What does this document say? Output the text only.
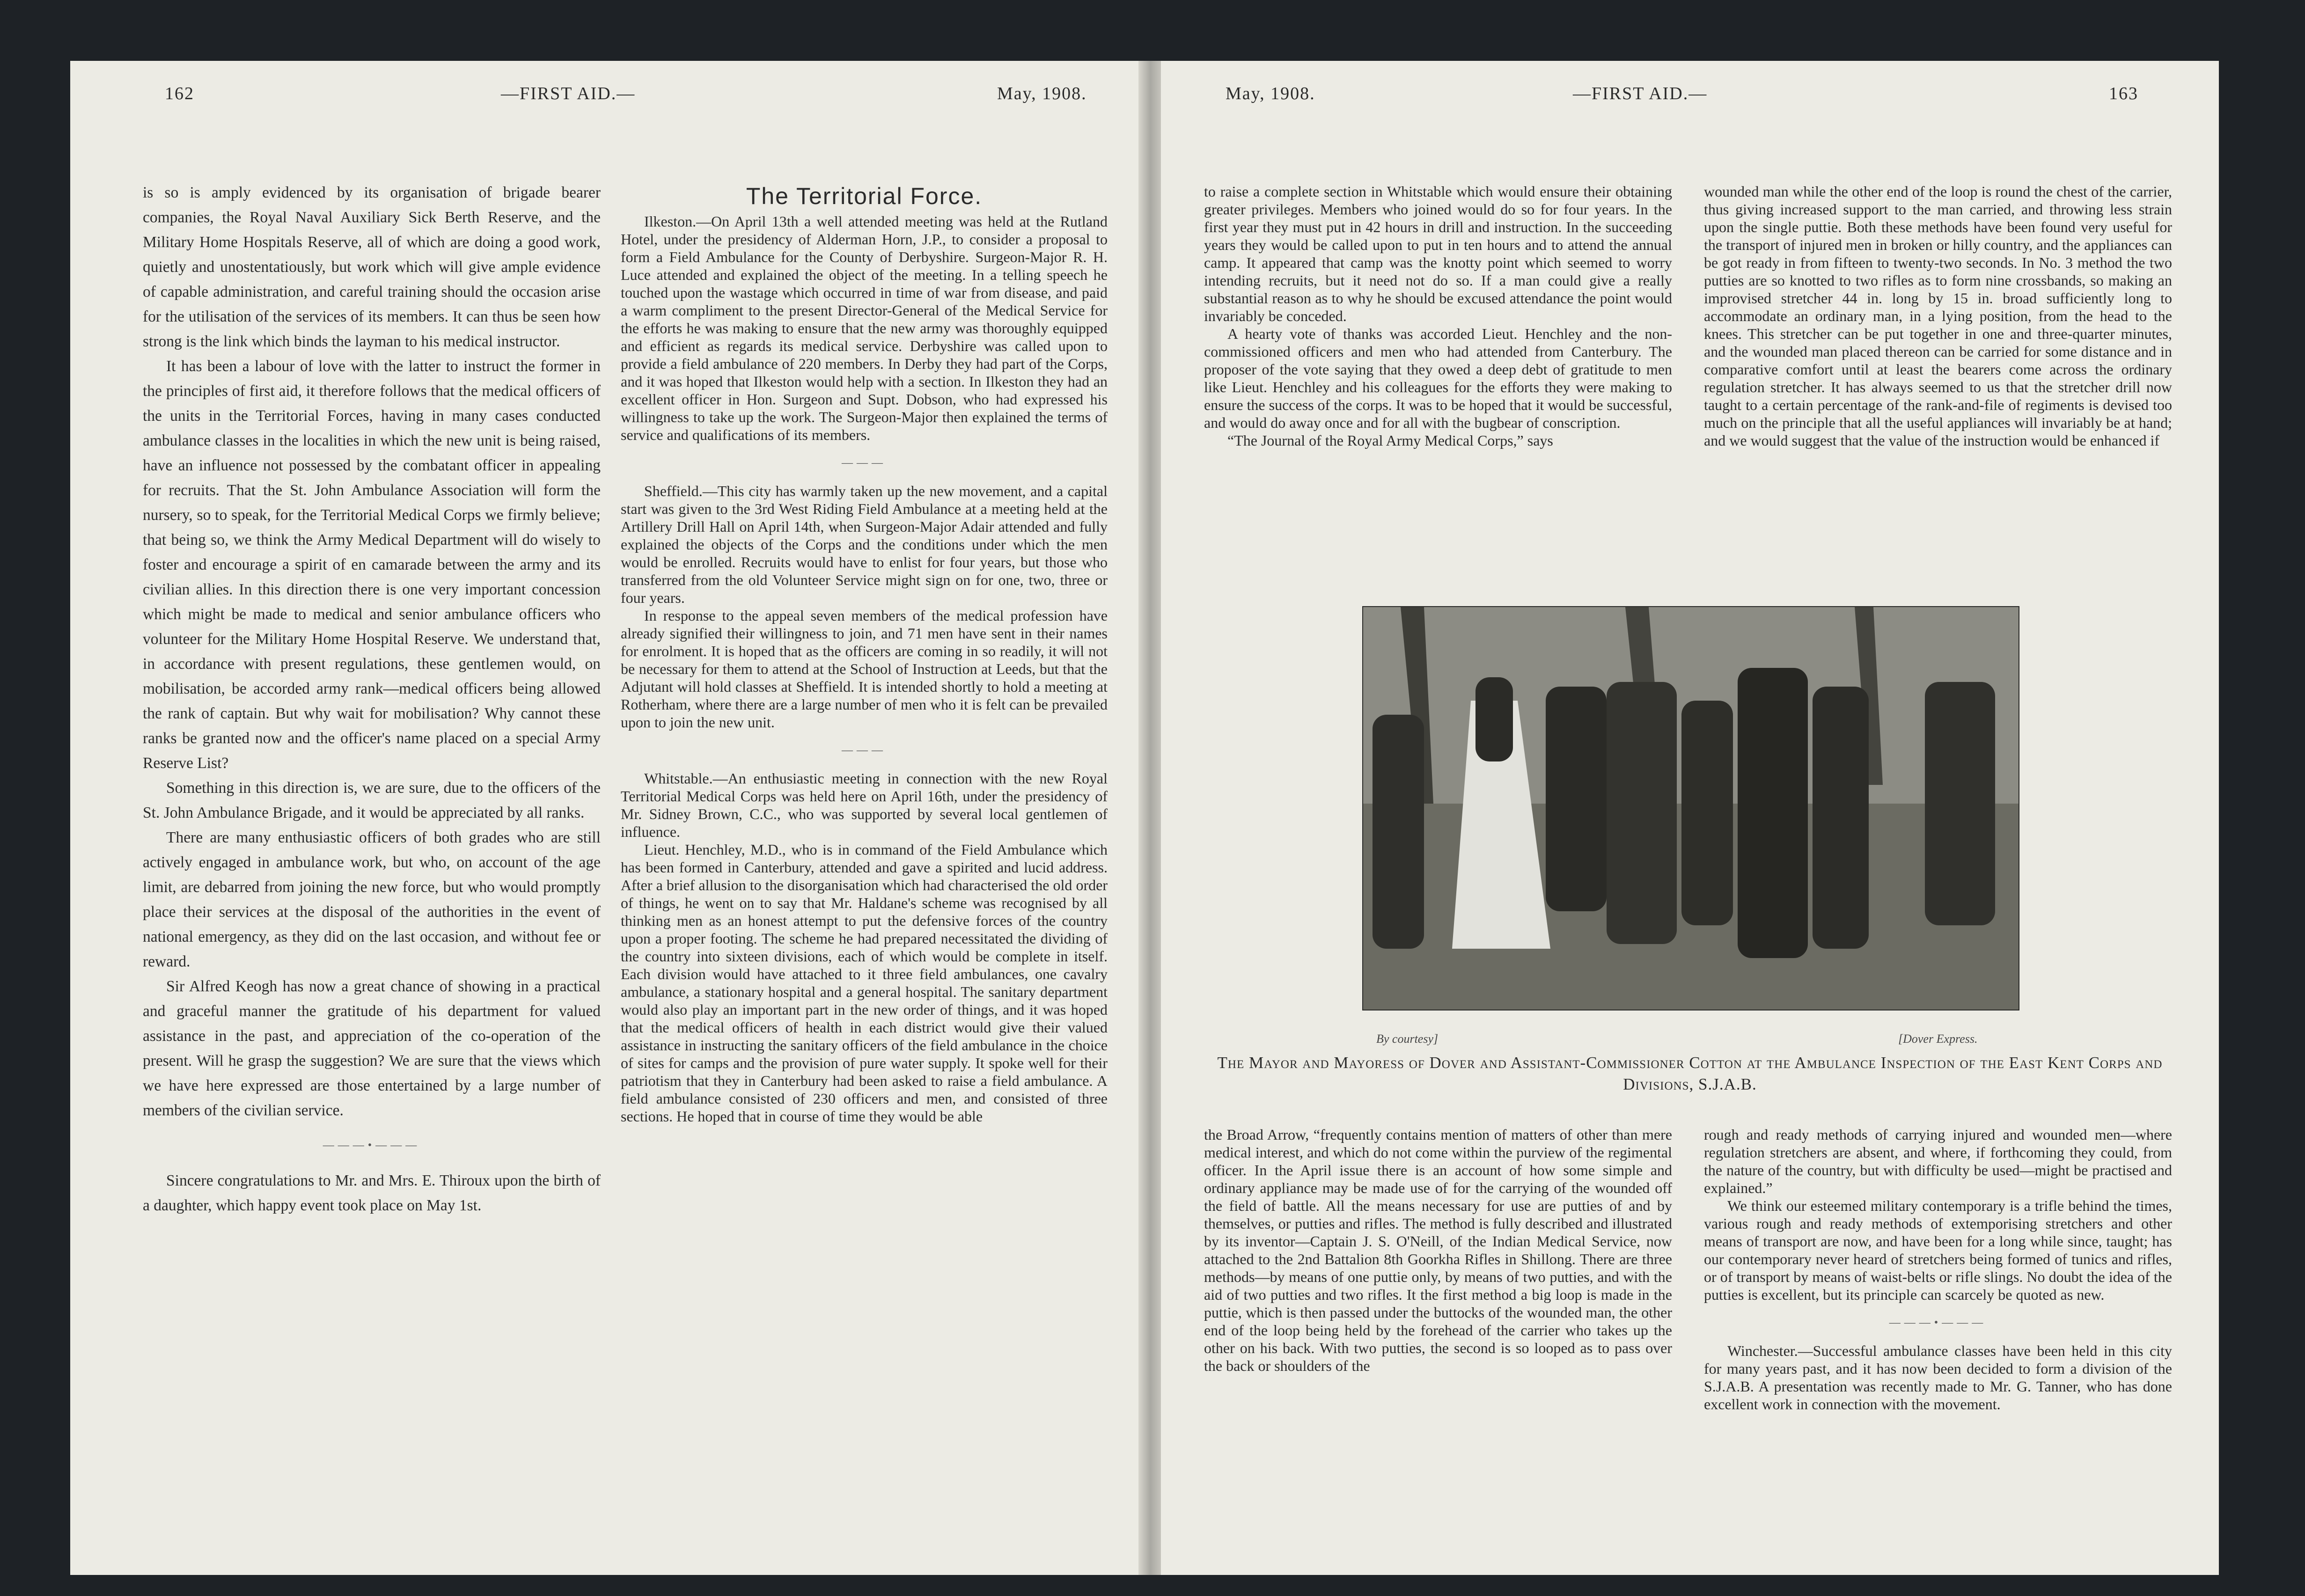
162	—FIRST AID.—	May, 1908.

is so is amply evidenced by its organisation of brigade bearer companies, the Royal Naval Auxiliary Sick Berth Reserve, and the Military Home Hospitals Reserve, all of which are doing a good work, quietly and unostentatiously, but work which will give ample evidence of capable administration, and careful training should the occasion arise for the utilisation of the services of its members. It can thus be seen how strong is the link which binds the layman to his medical instructor.

It has been a labour of love with the latter to instruct the former in the principles of first aid, it therefore follows that the medical officers of the units in the Territorial Forces, having in many cases conducted ambulance classes in the localities in which the new unit is being raised, have an influence not possessed by the combatant officer in appealing for recruits. That the St. John Ambulance Association will form the nursery, so to speak, for the Territorial Medical Corps we firmly believe; that being so, we think the Army Medical Department will do wisely to foster and encourage a spirit of en camarade between the army and its civilian allies. In this direction there is one very important concession which might be made to medical and senior ambulance officers who volunteer for the Military Home Hospital Reserve. We understand that, in accordance with present regulations, these gentlemen would, on mobilisation, be accorded army rank—medical officers being allowed the rank of captain. But why wait for mobilisation? Why cannot these ranks be granted now and the officer's name placed on a special Army Reserve List?

Something in this direction is, we are sure, due to the officers of the St. John Ambulance Brigade, and it would be appreciated by all ranks.

There are many enthusiastic officers of both grades who are still actively engaged in ambulance work, but who, on account of the age limit, are debarred from joining the new force, but who would promptly place their services at the disposal of the authorities in the event of national emergency, as they did on the last occasion, and without fee or reward.

Sir Alfred Keogh has now a great chance of showing in a practical and graceful manner the gratitude of his department for valued assistance in the past, and appreciation of the co-operation of the present. Will he grasp the suggestion? We are sure that the views which we have here expressed are those entertained by a large number of members of the civilian service.

———•———

Sincere congratulations to Mr. and Mrs. E. Thiroux upon the birth of a daughter, which happy event took place on May 1st.

The Territorial Force.

Ilkeston.—On April 13th a well attended meeting was held at the Rutland Hotel, under the presidency of Alderman Horn, J.P., to consider a proposal to form a Field Ambulance for the County of Derbyshire. Surgeon-Major R. H. Luce attended and explained the object of the meeting. In a telling speech he touched upon the wastage which occurred in time of war from disease, and paid a warm compliment to the present Director-General of the Medical Service for the efforts he was making to ensure that the new army was thoroughly equipped and efficient as regards its medical service. Derbyshire was called upon to provide a field ambulance of 220 members. In Derby they had part of the Corps, and it was hoped that Ilkeston would help with a section. In Ilkeston they had an excellent officer in Hon. Surgeon and Supt. Dobson, who had expressed his willingness to take up the work. The Surgeon-Major then explained the terms of service and qualifications of its members.

———

Sheffield.—This city has warmly taken up the new movement, and a capital start was given to the 3rd West Riding Field Ambulance at a meeting held at the Artillery Drill Hall on April 14th, when Surgeon-Major Adair attended and fully explained the objects of the Corps and the conditions under which the men would be enrolled. Recruits would have to enlist for four years, but those who transferred from the old Volunteer Service might sign on for one, two, three or four years.

In response to the appeal seven members of the medical profession have already signified their willingness to join, and 71 men have sent in their names for enrolment. It is hoped that as the officers are coming in so readily, it will not be necessary for them to attend at the School of Instruction at Leeds, but that the Adjutant will hold classes at Sheffield. It is intended shortly to hold a meeting at Rotherham, where there are a large number of men who it is felt can be prevailed upon to join the new unit.

———

Whitstable.—An enthusiastic meeting in connection with the new Royal Territorial Medical Corps was held here on April 16th, under the presidency of Mr. Sidney Brown, C.C., who was supported by several local gentlemen of influence.

Lieut. Henchley, M.D., who is in command of the Field Ambulance which has been formed in Canterbury, attended and gave a spirited and lucid address. After a brief allusion to the disorganisation which had characterised the old order of things, he went on to say that Mr. Haldane's scheme was recognised by all thinking men as an honest attempt to put the defensive forces of the country upon a proper footing. The scheme he had prepared necessitated the dividing of the country into sixteen divisions, each of which would be complete in itself. Each division would have attached to it three field ambulances, one cavalry ambulance, a stationary hospital and a general hospital. The sanitary department would also play an important part in the new order of things, and it was hoped that the medical officers of health in each district would give their valued assistance in instructing the sanitary officers of the field ambulance in the choice of sites for camps and the provision of pure water supply. It spoke well for their patriotism that they in Canterbury had been asked to raise a field ambulance. A field ambulance consisted of 230 officers and men, and consisted of three sections. He hoped that in course of time they would be able

May, 1908.	—FIRST AID.—	163

to raise a complete section in Whitstable which would ensure their obtaining greater privileges. Members who joined would do so for four years. In the first year they must put in 42 hours in drill and instruction. In the succeeding years they would be called upon to put in ten hours and to attend the annual camp. It appeared that camp was the knotty point which seemed to worry intending recruits, but it need not do so. If a man could give a really substantial reason as to why he should be excused attendance the point would invariably be conceded.

A hearty vote of thanks was accorded Lieut. Henchley and the non-commissioned officers and men who had attended from Canterbury. The proposer of the vote saying that they owed a deep debt of gratitude to men like Lieut. Henchley and his colleagues for the efforts they were making to ensure the success of the corps. It was to be hoped that it would be successful, and would do away once and for all with the bugbear of conscription.

“The Journal of the Royal Army Medical Corps,” says

wounded man while the other end of the loop is round the chest of the carrier, thus giving increased support to the man carried, and throwing less strain upon the single puttie. Both these methods have been found very useful for the transport of injured men in broken or hilly country, and the appliances can be got ready in from fifteen to twenty-two seconds. In No. 3 method the two putties are so knotted to two rifles as to form nine crossbands, so making an improvised stretcher 44 in. long by 15 in. broad sufficiently long to accommodate an ordinary man, in a lying position, from the head to the knees. This stretcher can be put together in one and three-quarter minutes, and the wounded man placed thereon can be carried for some distance and in comparative comfort until at least the bearers come across the ordinary regulation stretcher. It has always seemed to us that the stretcher drill now taught to a certain percentage of the rank-and-file of regiments is devised too much on the principle that all the useful appliances will invariably be at hand; and we would suggest that the value of the instruction would be enhanced if

By courtesy]	[Dover Express.
The Mayor and Mayoress of Dover and Assistant-Commissioner Cotton at the Ambulance Inspection of the East Kent Corps and Divisions, S.J.A.B.

the Broad Arrow, “frequently contains mention of matters of other than mere medical interest, and which do not come within the purview of the regimental officer. In the April issue there is an account of how some simple and ordinary appliance may be made use of for the carrying of the wounded off the field of battle. All the means necessary for use are putties of and by themselves, or putties and rifles. The method is fully described and illustrated by its inventor—Captain J. S. O'Neill, of the Indian Medical Service, now attached to the 2nd Battalion 8th Goorkha Rifles in Shillong. There are three methods—by means of one puttie only, by means of two putties, and with the aid of two putties and two rifles. It the first method a big loop is made in the puttie, which is then passed under the buttocks of the wounded man, the other end of the loop being held by the forehead of the carrier who takes up the other on his back. With two putties, the second is so looped as to pass over the back or shoulders of the

rough and ready methods of carrying injured and wounded men—where regulation stretchers are absent, and where, if forthcoming they could, from the nature of the country, but with difficulty be used—might be practised and explained.”

We think our esteemed military contemporary is a trifle behind the times, various rough and ready methods of extemporising stretchers and other means of transport are now, and have been for a long while since, taught; has our contemporary never heard of stretchers being formed of tunics and rifles, or of transport by means of waist-belts or rifle slings. No doubt the idea of the putties is excellent, but its principle can scarcely be quoted as new.

———•———

Winchester.—Successful ambulance classes have been held in this city for many years past, and it has now been decided to form a division of the S.J.A.B. A presentation was recently made to Mr. G. Tanner, who has done excellent work in connection with the movement.
